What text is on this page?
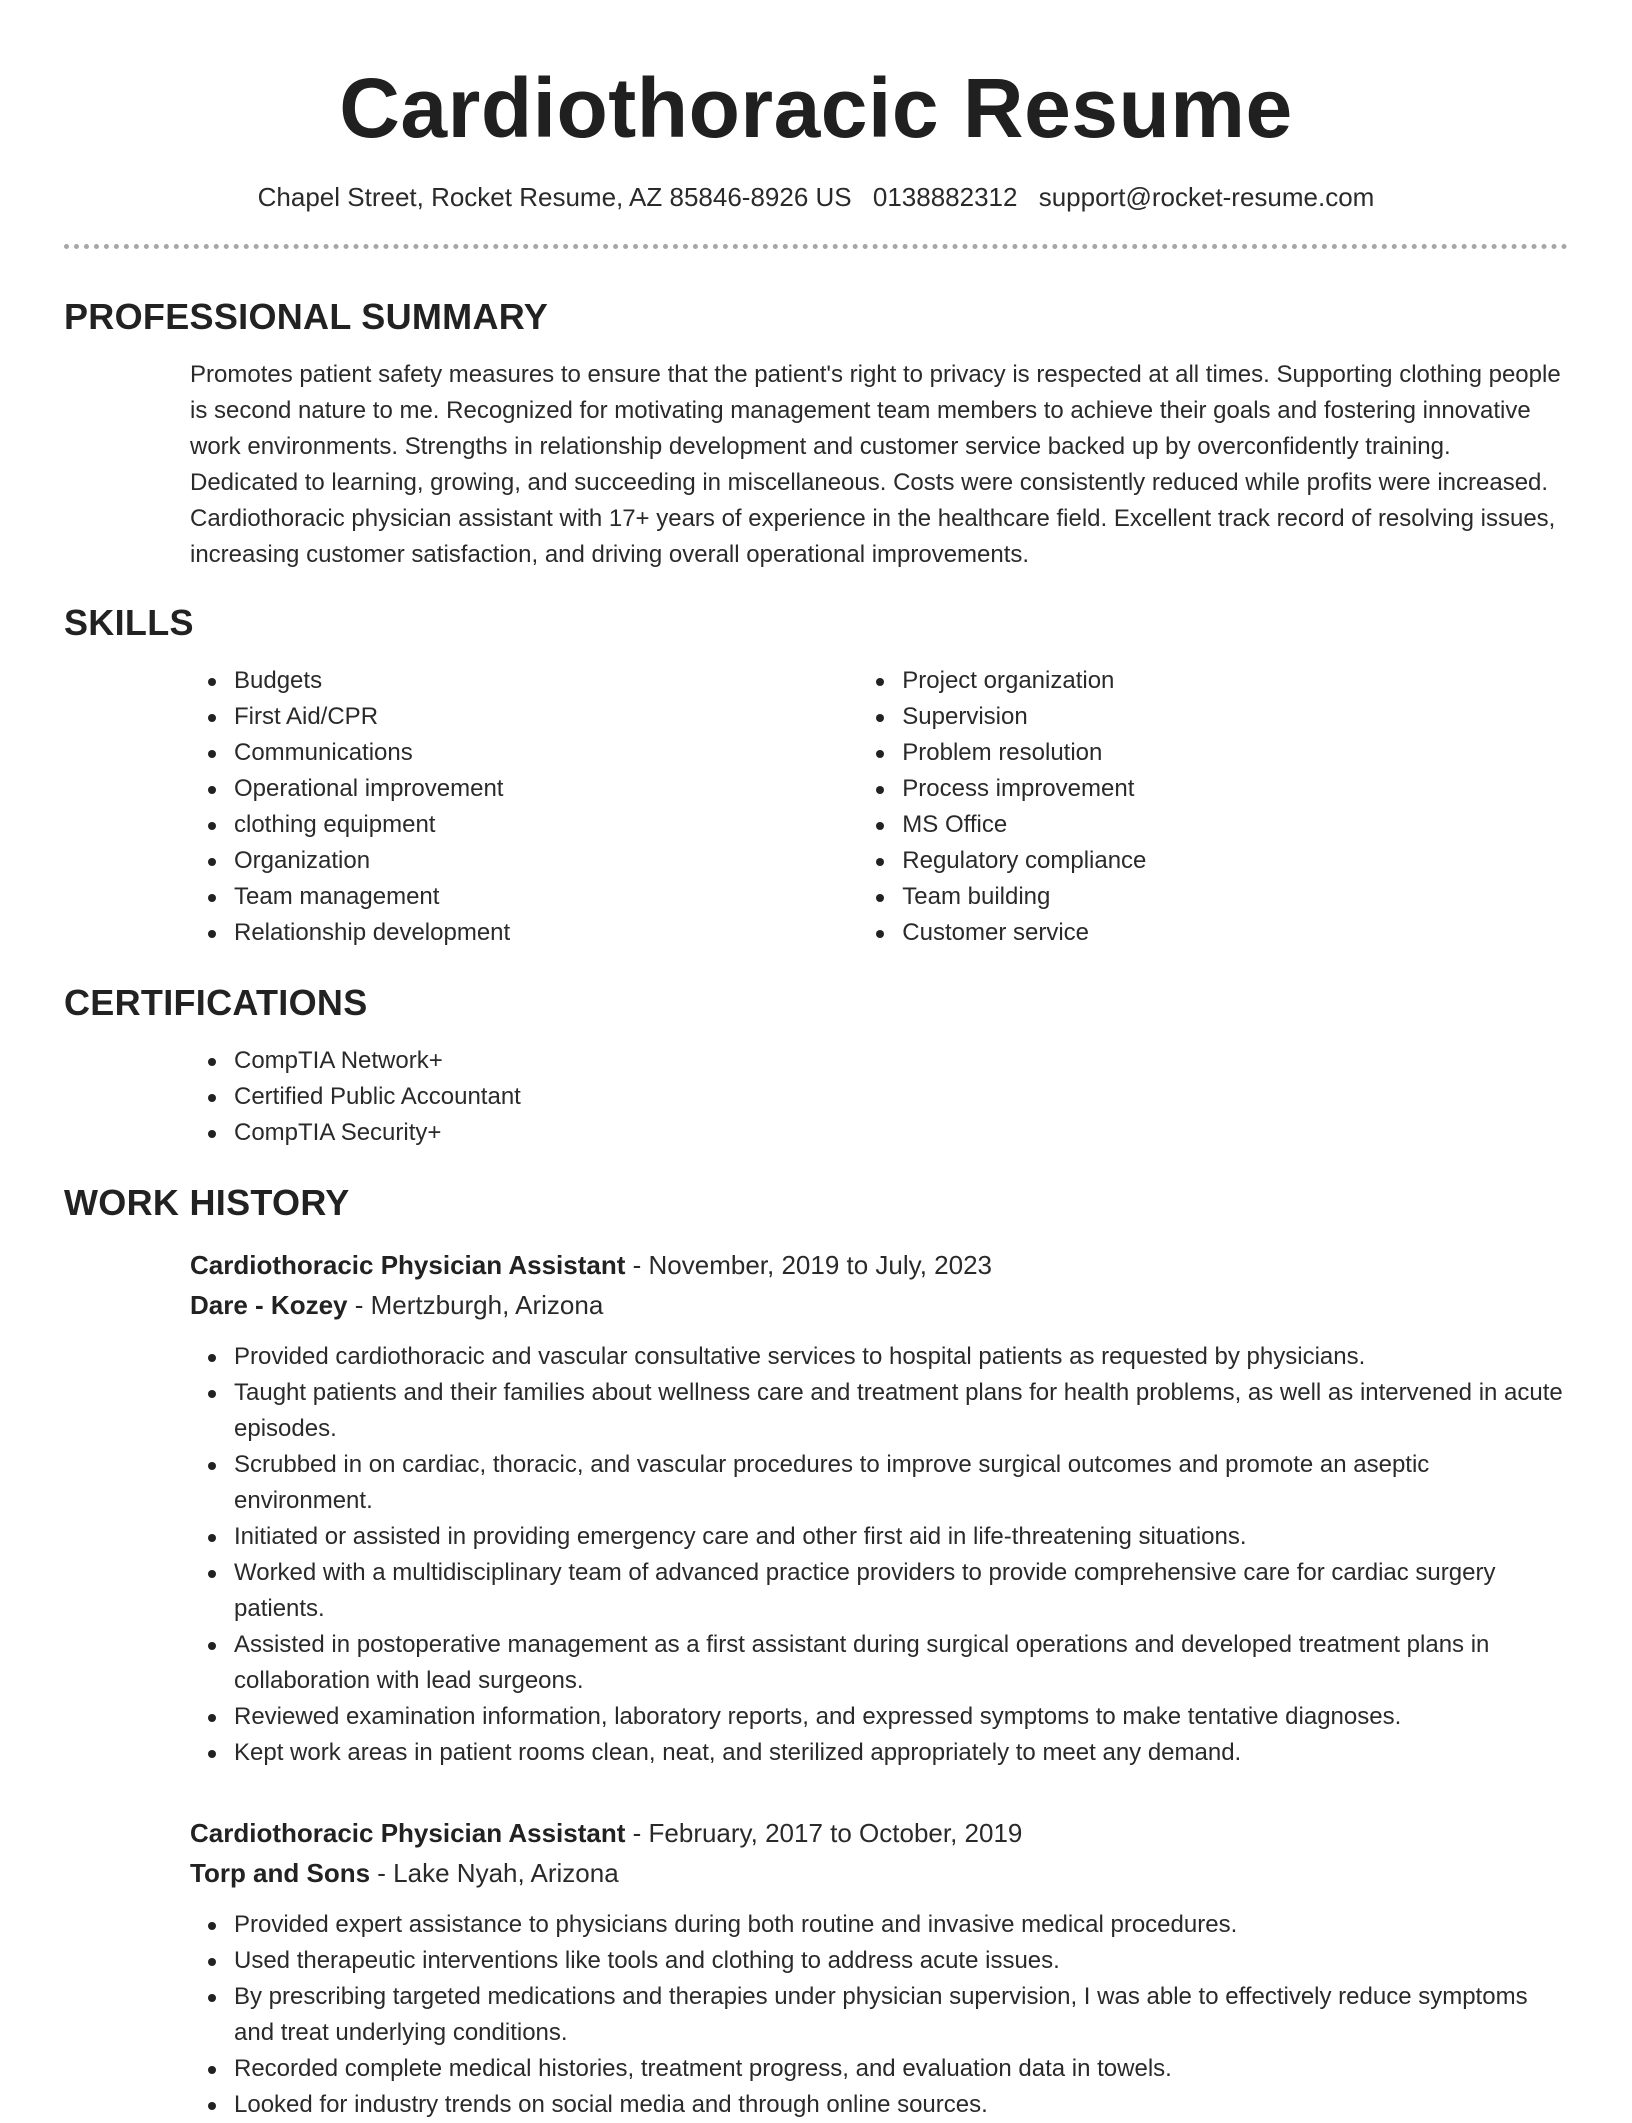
Cardiothoracic Resume
Chapel Street, Rocket Resume, AZ 85846-8926 US 0138882312 support@rocket-resume.com
PROFESSIONAL SUMMARY
Promotes patient safety measures to ensure that the patient's right to privacy is respected at all times. Supporting clothing people is second nature to me. Recognized for motivating management team members to achieve their goals and fostering innovative work environments. Strengths in relationship development and customer service backed up by overconfidently training. Dedicated to learning, growing, and succeeding in miscellaneous. Costs were consistently reduced while profits were increased. Cardiothoracic physician assistant with 17+ years of experience in the healthcare field. Excellent track record of resolving issues, increasing customer satisfaction, and driving overall operational improvements.
SKILLS
Budgets
First Aid/CPR
Communications
Operational improvement
clothing equipment
Organization
Team management
Relationship development
Project organization
Supervision
Problem resolution
Process improvement
MS Office
Regulatory compliance
Team building
Customer service
CERTIFICATIONS
CompTIA Network+
Certified Public Accountant
CompTIA Security+
WORK HISTORY
Cardiothoracic Physician Assistant - November, 2019 to July, 2023
Dare - Kozey - Mertzburgh, Arizona
Provided cardiothoracic and vascular consultative services to hospital patients as requested by physicians.
Taught patients and their families about wellness care and treatment plans for health problems, as well as intervened in acute episodes.
Scrubbed in on cardiac, thoracic, and vascular procedures to improve surgical outcomes and promote an aseptic environment.
Initiated or assisted in providing emergency care and other first aid in life-threatening situations.
Worked with a multidisciplinary team of advanced practice providers to provide comprehensive care for cardiac surgery patients.
Assisted in postoperative management as a first assistant during surgical operations and developed treatment plans in collaboration with lead surgeons.
Reviewed examination information, laboratory reports, and expressed symptoms to make tentative diagnoses.
Kept work areas in patient rooms clean, neat, and sterilized appropriately to meet any demand.
Cardiothoracic Physician Assistant - February, 2017 to October, 2019
Torp and Sons - Lake Nyah, Arizona
Provided expert assistance to physicians during both routine and invasive medical procedures.
Used therapeutic interventions like tools and clothing to address acute issues.
By prescribing targeted medications and therapies under physician supervision, I was able to effectively reduce symptoms and treat underlying conditions.
Recorded complete medical histories, treatment progress, and evaluation data in towels.
Looked for industry trends on social media and through online sources.
